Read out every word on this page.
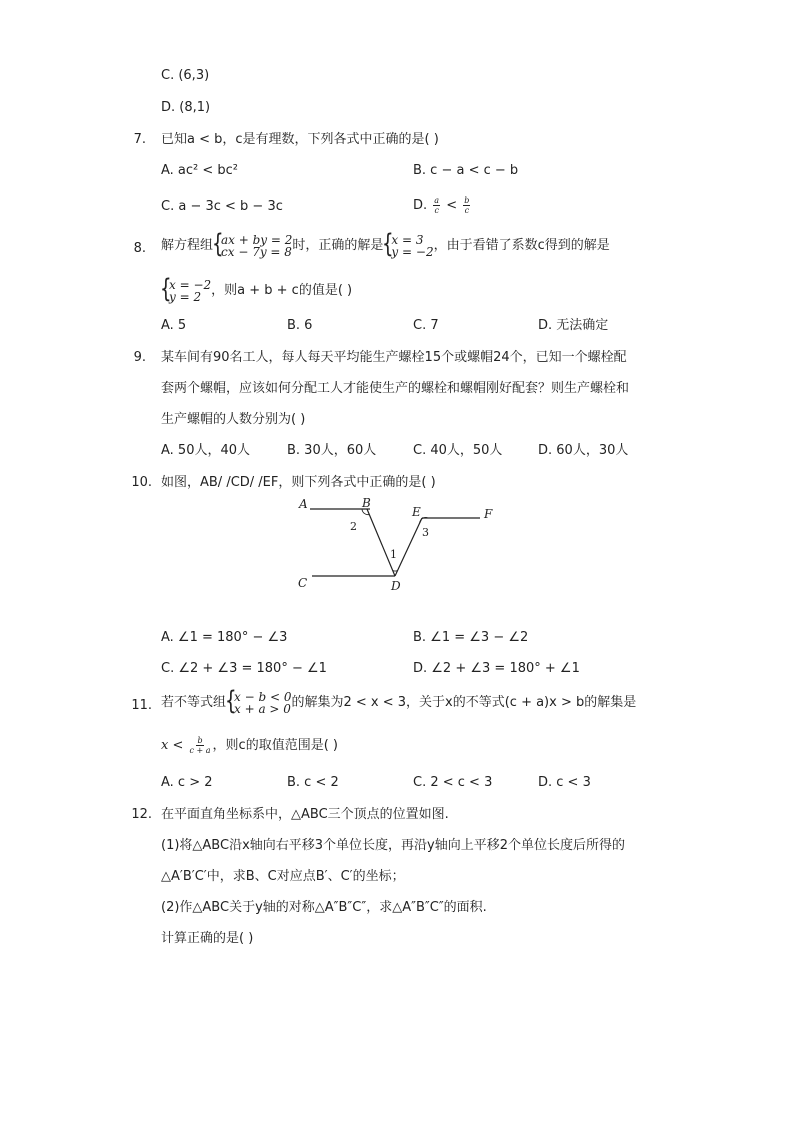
C. (6,3)
D. (8,1)
7. 已知a < b，c是有理数，下列各式中正确的是( )
A. ac² < bc²	B. c − a < c − b
C. a − 3c < b − 3c	D. $\frac{a}{c} < \frac{b}{c}$
8. 解方程组 { ax + by = 2
cx − 7y = 8 时，正确的解是 { x = 3
y = −2 ，由于看错了系数c得到的解是
{ x = −2
y = 2 ，则a + b + c的值是( )
A. 5	B. 6	C. 7	D. 无法确定
9. 某车间有90名工人，每人每天平均能生产螺栓15个或螺帽24个，已知一个螺栓配
套两个螺帽，应该如何分配工人才能使生产的螺栓和螺帽刚好配套？则生产螺栓和
生产螺帽的人数分别为( )
A. 50人，40人	B. 30人，60人	C. 40人，50人	D. 60人，30人
10. 如图，AB/ /CD/ /EF，则下列各式中正确的是( )
A	B
E	F
C	D
2	3
1
A. ∠1 = 180° − ∠3	B. ∠1 = ∠3 − ∠2
C. ∠2 + ∠3 = 180° − ∠1	D. ∠2 + ∠3 = 180° + ∠1
11. 若不等式组 { x − b < 0
x + a > 0 的解集为2 < x < 3，关于x的不等式(c + a)x > b的解集是
$x < \frac{b}{c + a}$ ，则c的取值范围是( )
A. c > 2	B. c < 2	C. 2 < c < 3	D. c < 3
12. 在平面直角坐标系中，△ABC三个顶点的位置如图.
(1)将△ABC沿x轴向右平移3个单位长度，再沿y轴向上平移2个单位长度后所得的
△A′B′C′中，求B、C对应点B′、C′的坐标；
(2)作△ABC关于y轴的对称△A″B″C″，求△A″B″C″的面积.
计算正确的是( )
